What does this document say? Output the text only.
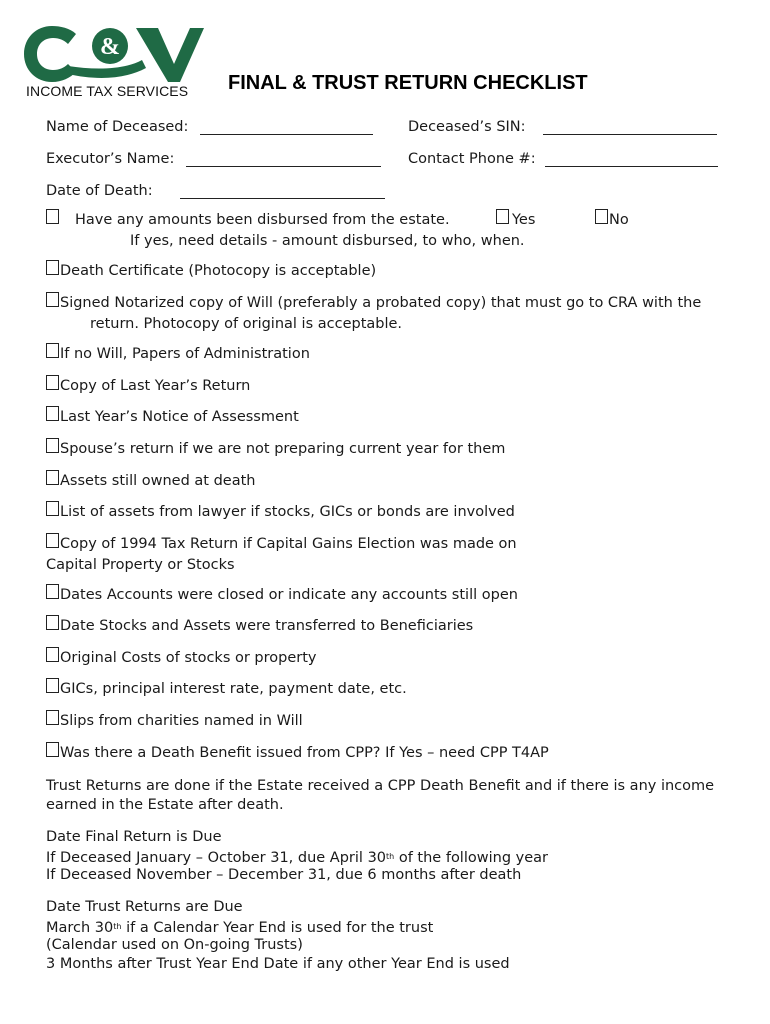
&
INCOME TAX SERVICES FINAL & TRUST RETURN CHECKLIST
Name of Deceased:	Deceased’s SIN:
Executor’s Name:	Contact Phone #:
Date of Death:
Have any amounts been disbursed from the estate.	Yes	No
If yes, need details - amount disbursed, to who, when.
Death Certificate (Photocopy is acceptable)
Signed Notarized copy of Will (preferably a probated copy) that must go to CRA with the
return. Photocopy of original is acceptable.
If no Will, Papers of Administration
Copy of Last Year’s Return
Last Year’s Notice of Assessment
Spouse’s return if we are not preparing current year for them
Assets still owned at death
List of assets from lawyer if stocks, GICs or bonds are involved
Copy of 1994 Tax Return if Capital Gains Election was made on
Capital Property or Stocks
Dates Accounts were closed or indicate any accounts still open
Date Stocks and Assets were transferred to Beneficiaries
Original Costs of stocks or property
GICs, principal interest rate, payment date, etc.
Slips from charities named in Will
Was there a Death Benefit issued from CPP? If Yes – need CPP T4AP
Trust Returns are done if the Estate received a CPP Death Benefit and if there is any income
earned in the Estate after death.
Date Final Return is Due
If Deceased January – October 31, due April 30th of the following year
If Deceased November – December 31, due 6 months after death
Date Trust Returns are Due
March 30th if a Calendar Year End is used for the trust
(Calendar used on On-going Trusts)
3 Months after Trust Year End Date if any other Year End is used
